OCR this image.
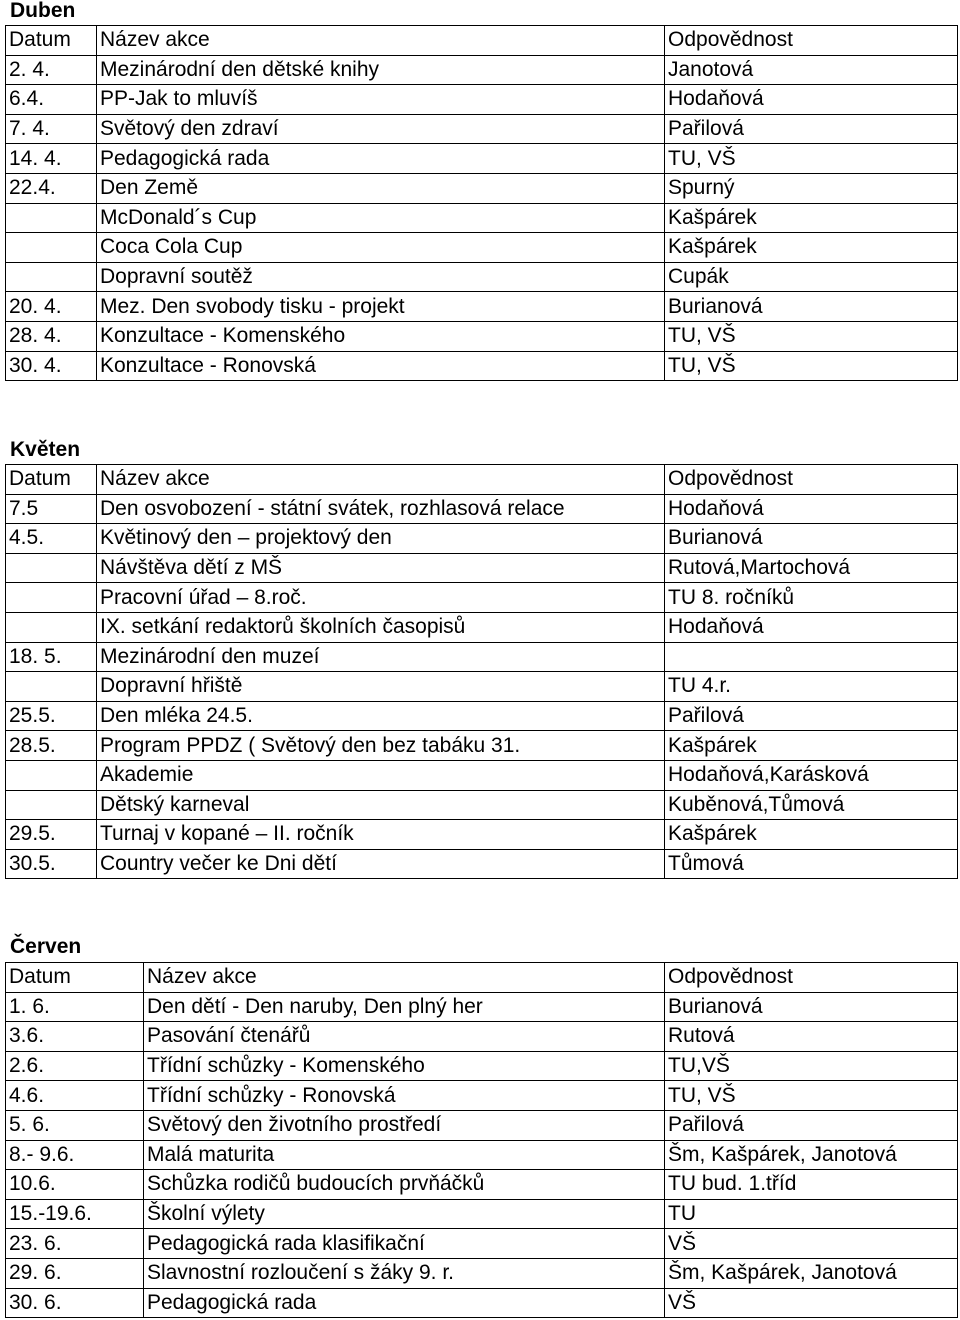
Duben
Datum	Název akce	Odpovědnost
2. 4.	Mezinárodní den dětské knihy	Janotová
6.4.	PP-Jak to mluvíš	Hodaňová
7. 4.	Světový den zdraví	Pařilová
14. 4.	Pedagogická rada	TU, VŠ
22.4.	Den Země	Spurný
	McDonald´s Cup	Kašpárek
	Coca Cola Cup	Kašpárek
	Dopravní soutěž	Cupák
20. 4.	Mez. Den svobody tisku - projekt	Burianová
28. 4.	Konzultace - Komenského	TU, VŠ
30. 4.	Konzultace - Ronovská	TU, VŠ
Květen
Datum	Název akce	Odpovědnost
7.5	Den osvobození - státní svátek, rozhlasová relace	Hodaňová
4.5.	Květinový den – projektový den	Burianová
	Návštěva dětí z MŠ	Rutová,Martochová
	Pracovní úřad – 8.roč.	TU 8. ročníků
	IX. setkání redaktorů školních časopisů	Hodaňová
18. 5.	Mezinárodní den muzeí	
	Dopravní hřiště	TU 4.r.
25.5.	Den mléka 24.5.	Pařilová
28.5.	Program PPDZ ( Světový den bez tabáku 31.	Kašpárek
	Akademie	Hodaňová,Karásková
	Dětský karneval	Kuběnová,Tůmová
29.5.	Turnaj v kopané – II. ročník	Kašpárek
30.5.	Country večer ke Dni dětí	Tůmová
Červen
Datum	Název akce	Odpovědnost
1. 6.	Den dětí - Den naruby, Den plný her	Burianová
3.6.	Pasování čtenářů	Rutová
2.6.	Třídní schůzky - Komenského	TU,VŠ
4.6.	Třídní schůzky - Ronovská	TU, VŠ
5. 6.	Světový den životního prostředí	Pařilová
8.- 9.6.	Malá maturita	Šm, Kašpárek, Janotová
10.6.	Schůzka rodičů budoucích prvňáčků	TU bud. 1.tříd
15.-19.6.	Školní výlety	TU
23. 6.	Pedagogická rada klasifikační	VŠ
29. 6.	Slavnostní rozloučení s žáky 9. r.	Šm, Kašpárek, Janotová
30. 6.	Pedagogická rada	VŠ
